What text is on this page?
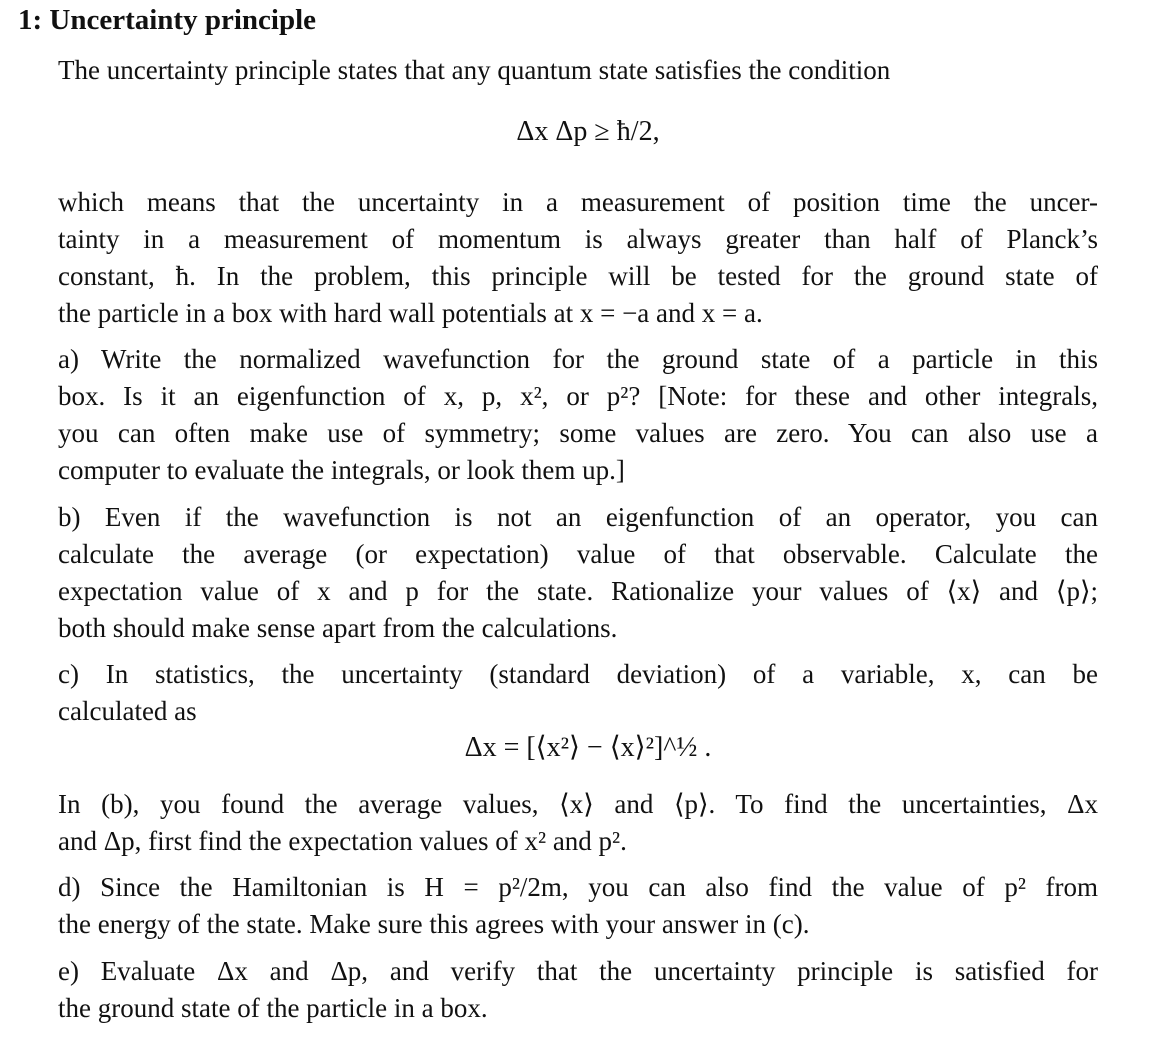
1: Uncertainty principle
The uncertainty principle states that any quantum state satisfies the condition
Δx Δp ≥ ħ/2,
which means that the uncertainty in a measurement of position time the uncer-
tainty in a measurement of momentum is always greater than half of Planck’s
constant, ħ. In the problem, this principle will be tested for the ground state of
the particle in a box with hard wall potentials at x = −a and x = a.
a) Write the normalized wavefunction for the ground state of a particle in this
box. Is it an eigenfunction of x, p, x², or p²? [Note: for these and other integrals,
you can often make use of symmetry; some values are zero. You can also use a
computer to evaluate the integrals, or look them up.]
b) Even if the wavefunction is not an eigenfunction of an operator, you can
calculate the average (or expectation) value of that observable. Calculate the
expectation value of x and p for the state. Rationalize your values of ⟨x⟩ and ⟨p⟩;
both should make sense apart from the calculations.
c) In statistics, the uncertainty (standard deviation) of a variable, x, can be
calculated as
Δx = [⟨x²⟩ − ⟨x⟩²]^½ .
In (b), you found the average values, ⟨x⟩ and ⟨p⟩. To find the uncertainties, Δx
and Δp, first find the expectation values of x² and p².
d) Since the Hamiltonian is H = p²/2m, you can also find the value of p² from
the energy of the state. Make sure this agrees with your answer in (c).
e) Evaluate Δx and Δp, and verify that the uncertainty principle is satisfied for
the ground state of the particle in a box.
